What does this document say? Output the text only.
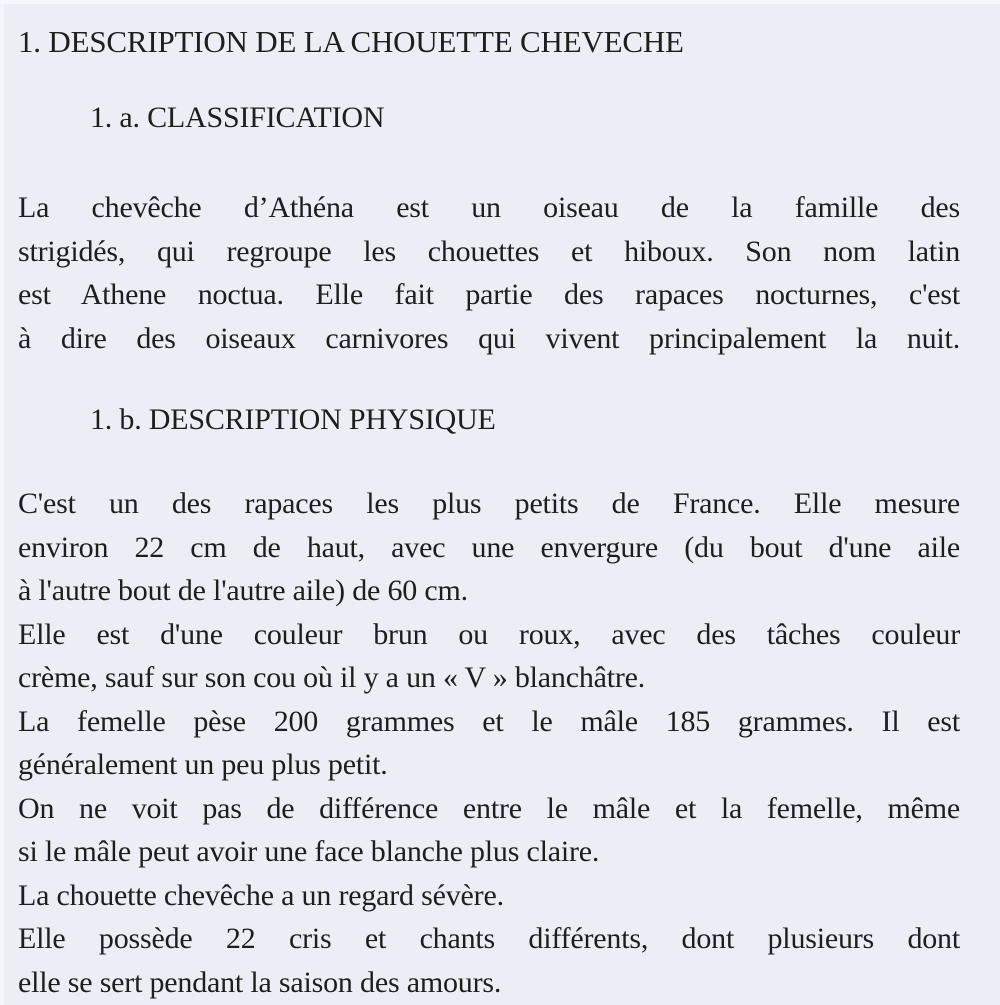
1. DESCRIPTION DE LA CHOUETTE CHEVECHE
1. a. CLASSIFICATION
La chevêche d’Athéna est un oiseau de la famille des
strigidés, qui regroupe les chouettes et hiboux. Son nom latin
est Athene noctua. Elle fait partie des rapaces nocturnes, c'est
à dire des oiseaux carnivores qui vivent principalement la nuit.
1. b. DESCRIPTION PHYSIQUE
C'est un des rapaces les plus petits de France. Elle mesure
environ 22 cm de haut, avec une envergure (du bout d'une aile
à l'autre bout de l'autre aile) de 60 cm.
Elle est d'une couleur brun ou roux, avec des tâches couleur
crème, sauf sur son cou où il y a un « V » blanchâtre.
La femelle pèse 200 grammes et le mâle 185 grammes. Il est
généralement un peu plus petit.
On ne voit pas de différence entre le mâle et la femelle, même
si le mâle peut avoir une face blanche plus claire.
La chouette chevêche a un regard sévère.
Elle possède 22 cris et chants différents, dont plusieurs dont
elle se sert pendant la saison des amours.
